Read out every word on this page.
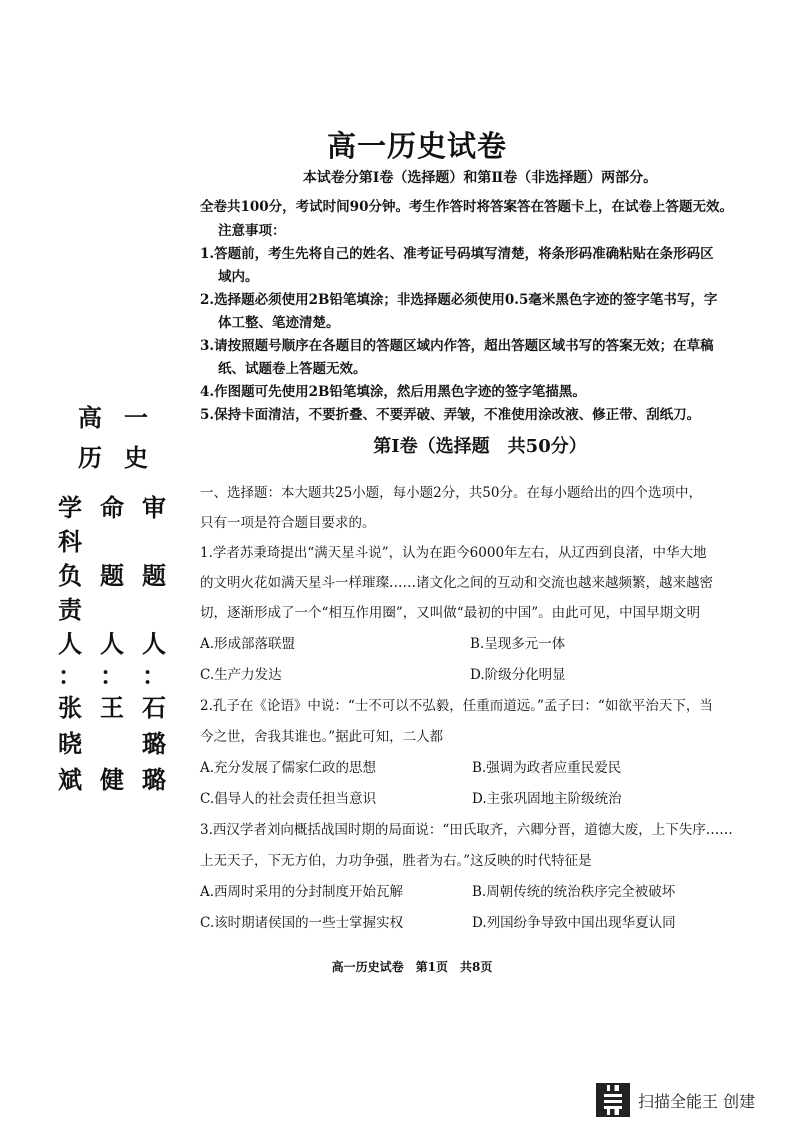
高一历史试卷
本试卷分第Ⅰ卷（选择题）和第Ⅱ卷（非选择题）两部分。
全卷共100分，考试时间90分钟。考生作答时将答案答在答题卡上，在试卷上答题无效。
注意事项：
1.答题前，考生先将自己的姓名、准考证号码填写清楚，将条形码准确粘贴在条形码区
域内。
2.选择题必须使用2B铅笔填涂；非选择题必须使用0.5毫米黑色字迹的签字笔书写，字
体工整、笔迹清楚。
3.请按照题号顺序在各题目的答题区域内作答，超出答题区域书写的答案无效；在草稿
纸、试题卷上答题无效。
4.作图题可先使用2B铅笔填涂，然后用黑色字迹的签字笔描黑。
5.保持卡面清洁，不要折叠、不要弄破、弄皱，不准使用涂改液、修正带、刮纸刀。
高 一
历 史
学
科
负
责
人
：
张
晓
斌
命
题
人
：
王
健
审
题
人
：
石
璐
璐
第Ⅰ卷（选择题　共50分）
一、选择题：本大题共25小题，每小题2分，共50分。在每小题给出的四个选项中，
只有一项是符合题目要求的。
1.学者苏秉琦提出“满天星斗说”，认为在距今6000年左右，从辽西到良渚，中华大地
的文明火花如满天星斗一样璀璨……诸文化之间的互动和交流也越来越频繁，越来越密
切，逐渐形成了一个“相互作用圈”，又叫做“最初的中国”。由此可见，中国早期文明
A.形成部落联盟	B.呈现多元一体
C.生产力发达	D.阶级分化明显
2.孔子在《论语》中说：“士不可以不弘毅，任重而道远。”孟子曰：“如欲平治天下，当
今之世，舍我其谁也。”据此可知，二人都
A.充分发展了儒家仁政的思想	B.强调为政者应重民爱民
C.倡导人的社会责任担当意识	D.主张巩固地主阶级统治
3.西汉学者刘向概括战国时期的局面说：“田氏取齐，六卿分晋，道德大废，上下失序……
上无天子，下无方伯，力功争强，胜者为右。”这反映的时代特征是
A.西周时采用的分封制度开始瓦解	B.周朝传统的统治秩序完全被破坏
C.该时期诸侯国的一些士掌握实权	D.列国纷争导致中国出现华夏认同
高一历史试卷　第1页　共8页
扫描全能王 创建
